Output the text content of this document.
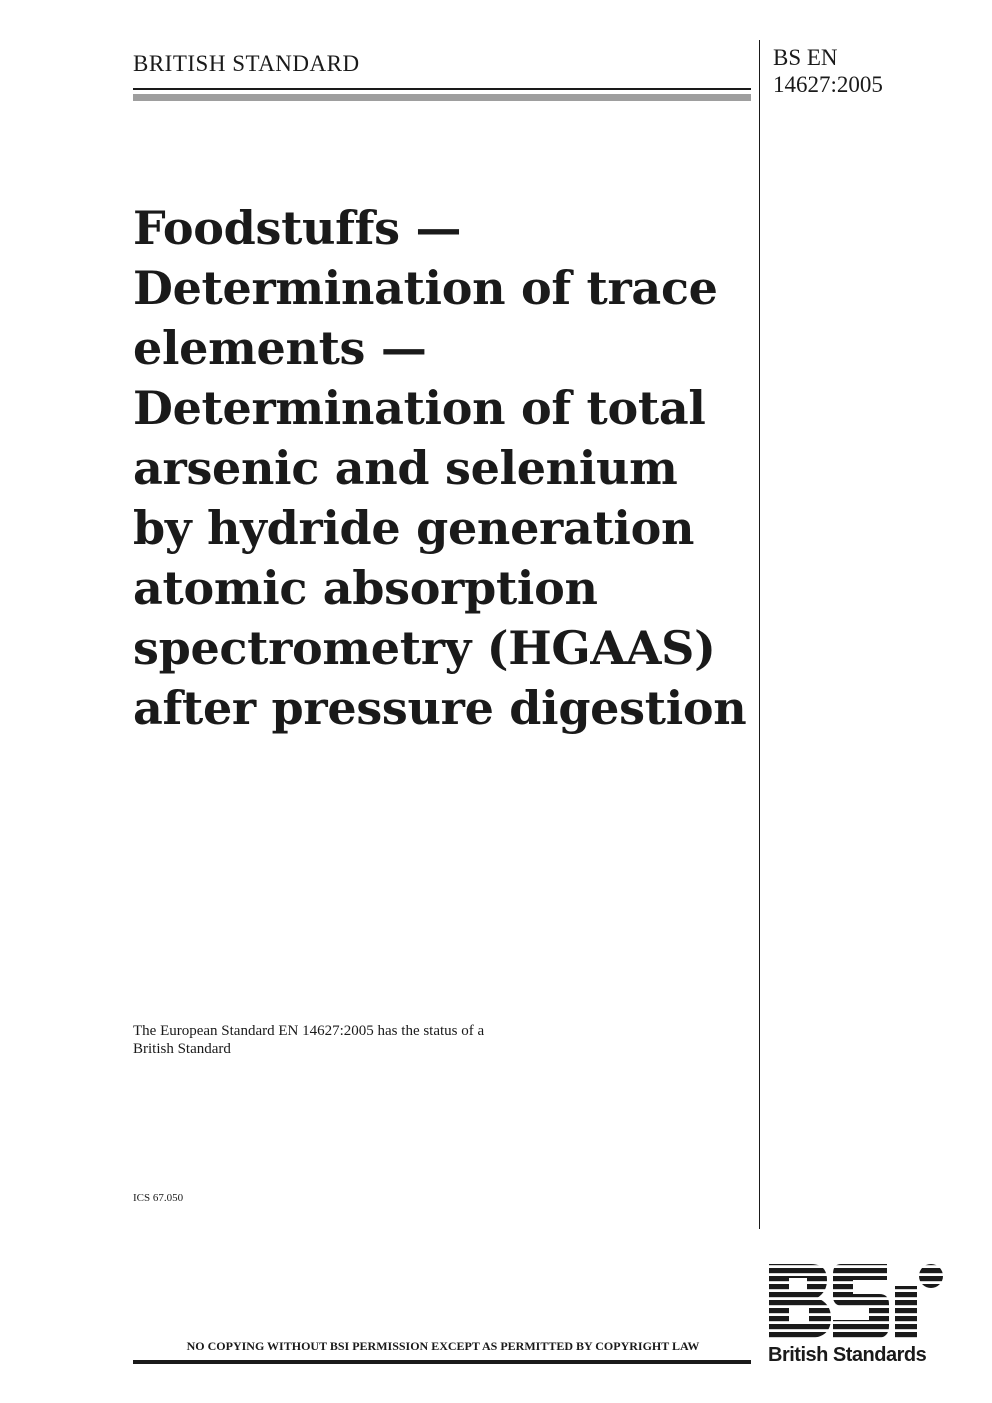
BRITISH STANDARD	BS EN
14627:2005
Foodstuffs —
Determination of trace
elements —
Determination of total
arsenic and selenium
by hydride generation
atomic absorption
spectrometry (HGAAS)
after pressure digestion
The European Standard EN 14627:2005 has the status of a
British Standard
ICS 67.050
NO COPYING WITHOUT BSI PERMISSION EXCEPT AS PERMITTED BY COPYRIGHT LAW	British Standards
